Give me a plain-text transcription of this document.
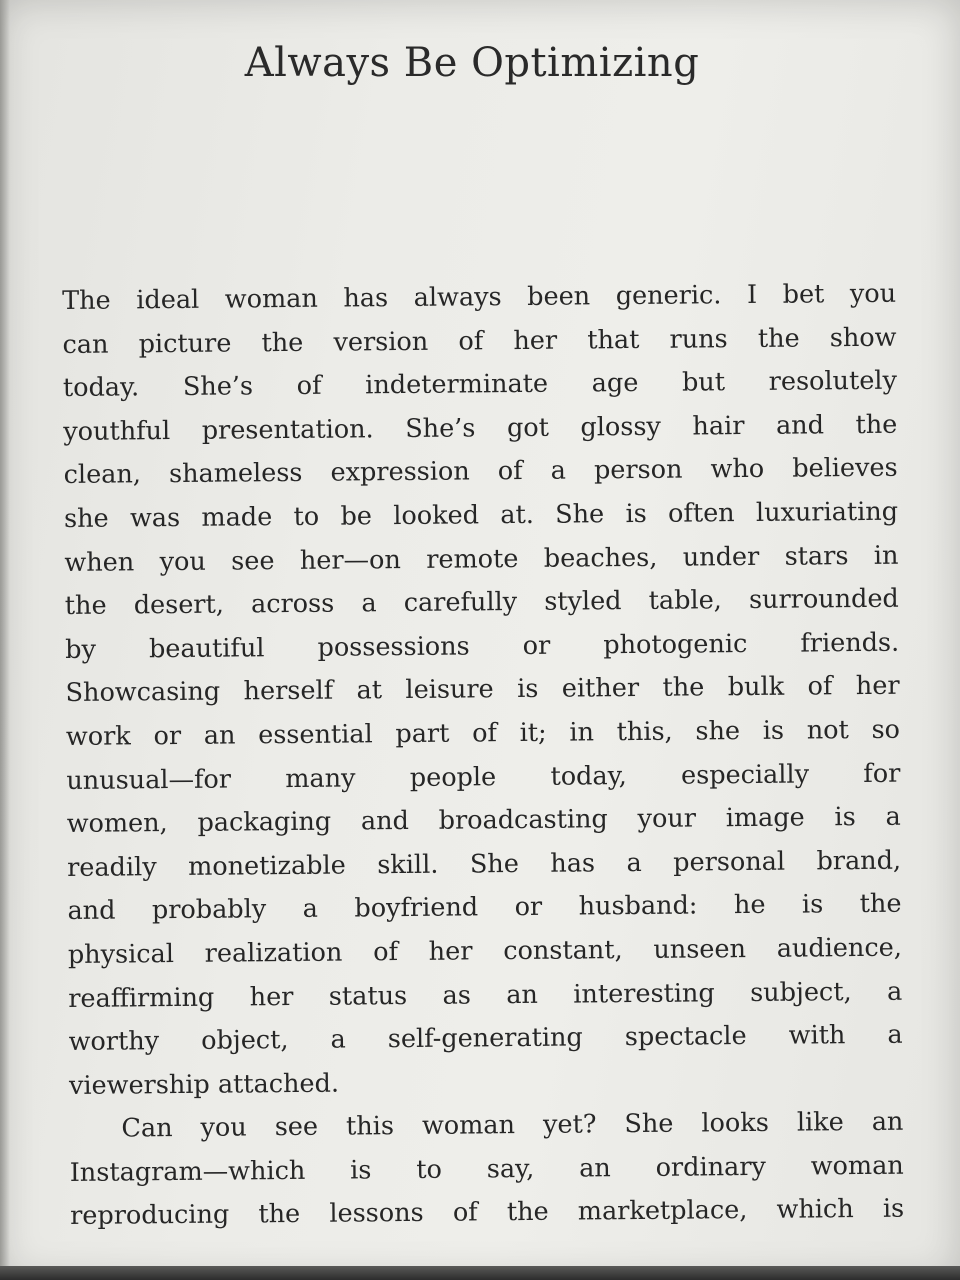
Always Be Optimizing
The ideal woman has always been generic. I bet you
can picture the version of her that runs the show
today. She’s of indeterminate age but resolutely
youthful presentation. She’s got glossy hair and the
clean, shameless expression of a person who believes
she was made to be looked at. She is often luxuriating
when you see her—on remote beaches, under stars in
the desert, across a carefully styled table, surrounded
by beautiful possessions or photogenic friends.
Showcasing herself at leisure is either the bulk of her
work or an essential part of it; in this, she is not so
unusual—for many people today, especially for
women, packaging and broadcasting your image is a
readily monetizable skill. She has a personal brand,
and probably a boyfriend or husband: he is the
physical realization of her constant, unseen audience,
reaffirming her status as an interesting subject, a
worthy object, a self-generating spectacle with a
viewership attached.
Can you see this woman yet? She looks like an
Instagram—which is to say, an ordinary woman
reproducing the lessons of the marketplace, which is
